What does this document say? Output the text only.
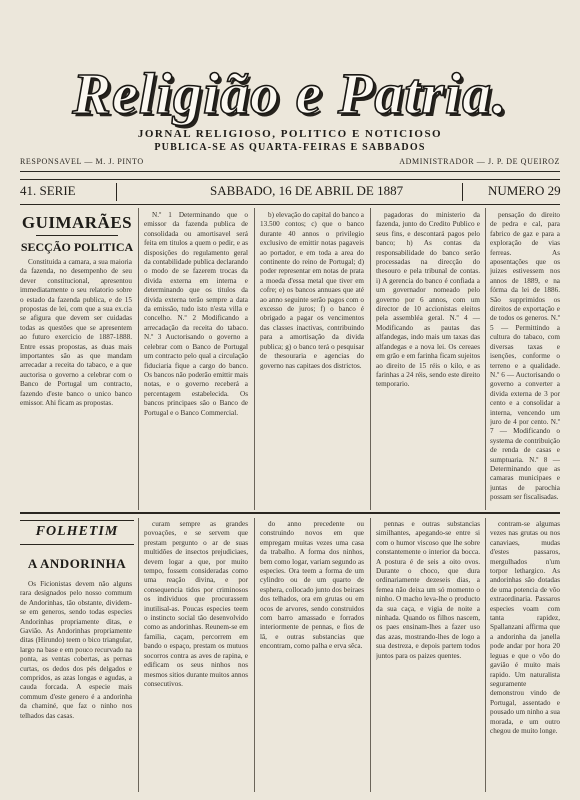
Religião e Patria.
JORNAL RELIGIOSO, POLITICO E NOTICIOSO
PUBLICA-SE AS QUARTA-FEIRAS E SABBADOS
RESPONSAVEL — M. J. PINTO	ADMINISTRADOR — J. P. DE QUEIROZ
41. SERIE	SABBADO, 16 DE ABRIL DE 1887	NUMERO 29
GUIMARÃES
SECÇÃO POLITICA

Constituida a camara, a sua maioria da fazenda, no desempenho de seu dever constitucional, apresentou immediatamente o seu relatorio sobre o estado da fazenda publica, e de 15 propostas de lei, com que a sua ex.cia se afigura que devem ser cuidadas todas as questões que se apresentem ao futuro exercicio de 1887-1888. Entre essas propostas, as duas mais importantes são as que mandam arrecadar a receita do tabaco, e a que auctorisa o governo a celebrar com o Banco de Portugal um contracto, fazendo d'este banco o unico banco emissor. Ahi ficam as propostas.

N.º 1 Determinando que o emissor da fazenda publica de consolidada ou amortisavel será feita em titulos a quem o pedir, e as disposições do regulamento geral da contabilidade publica declarando o modo de se fazerem trocas da divida externa em interna e determinando que os titulos da divida externa terão sempre a data da emissão, tudo isto n'esta villa e concelho. N.º 2 Modificando a arrecadação da receita do tabaco. N.º 3 Auctorisando o governo a celebrar com o Banco de Portugal um contracto pelo qual a circulação fiduciaria fique a cargo do banco. Os bancos não poderão emittir mais notas, e o governo receberá a percentagem estabelecida. Os bancos principaes são o Banco de Portugal e o Banco Commercial.

b) elevação do capital do banco a 13.500 contos; c) que o banco durante 40 annos o privilegio exclusivo de emittir notas pagaveis ao portador, e em toda a area do continente do reino de Portugal; d) poder representar em notas de prata a moeda d'essa metal que tiver em cofre; e) os bancos annuaes que até ao anno seguinte serão pagos com o excesso de juros; f) o banco é obrigado a pagar os vencimentos das classes inactivas, contribuindo para a amortisação da divida publica; g) o banco terá o pesquisar de thesouraria e agencias do governo nas capitaes dos districtos.

pagadoras do ministerio da fazenda, junto do Credito Publico e seus fins, e descontará pagos pelo banco; h) As contas da responsabilidade do banco serão processadas na direcção do thesouro e pela tribunal de contas. i) A gerencia do banco é confiada a um governador nomeado pelo governo por 6 annos, com um director de 10 accionistas eleitos pela assembléa geral. N.º 4 — Modificando as pautas das alfandegas, indo mais um taxas das alfandegas e a nova lei. Os cereaes em grão e em farinha ficam sujeitos ao direito de 15 réis o kilo, e as farinhas a 24 réis, sendo este direito temporario.

pensação do direito de pedra e cal, para fabrico de gaz e para a exploração de vias ferreas. As aposentações que os juizes estivessem nos annos de 1889, e na fórma da lei de 1886. São supprimidos os direitos de exportação e de todos os generos. N.º 5 — Permittindo a cultura do tabaco, com diversas taxas e isenções, conforme o terreno e a qualidade. N.º 6 — Auctorisando o governo a converter a divida externa de 3 por cento e a consolidar a interna, vencendo um juro de 4 por cento. N.º 7 — Modificando o systema de contribuição de renda de casas e sumptuaria. N.º 8 — Determinando que as camaras municipaes e juntas de parochia possam ser fiscalisadas.

FOLHETIM
A ANDORINHA

Os Ficionistas devem não alguns rara designados pelo nosso commum de Andorinhas, tão obstante, dividem-se em generos, sendo todas especies Andorinhas propriamente ditas, e Gavião. As Andorinhas propriamente ditas (Hirundo) teem o bico triangular, largo na base e em pouco recurvado na ponta, as ventas cobertas, as pernas curtas, os dedos dos pés delgados e compridos, as azas longas e agudas, a cauda forcada. A especie mais commum d'este genero é a andorinha da chaminé, que faz o ninho nos telhados das casas.

curam sempre as grandes povoações, e se servem que prestam pergunto o ar de suas multidões de insectos prejudiciaes, devem logar a que, por muito tempo, fossem consideradas como uma reação divina, e por consequencia tidos por criminosos os individuos que procurassem inutilisal-as. Poucas especies teem o instincto social tão desenvolvido como as andorinhas. Reunem-se em familia, caçam, percorrem em bando o espaço, prestam os mutuos socorros contra as aves de rapina, e edificam os seus ninhos nos mesmos sitios durante muitos annos consecutivos.

do anno precedente ou construindo novos em que empregam muitas vezes uma casa da trabalho. A forma dos ninhos, bem como logar, variam segundo as especies. Ora teem a forma de um cylindro ou de um quarto de esphera, collocado junto dos beiraes dos telhados, ora em grutas ou em ocos de arvores, sendo construidos com barro amassado e forrados interiormente de pennas, e fios de lã, e outras substancias que encontram, como palha e erva sêca.

pennas e outras substancias similhantes, apegando-se entre si com o humor viscoso que lhe sobre constantemente o interior da bocca. A postura é de seis a oito ovos. Durante o choco, que dura ordinariamente dezeseis dias, a femea não deixa um só momento o ninho. O macho leva-lhe o producto da sua caça, e vigia de noite a ninhada. Quando os filhos nascem, os paes ensinam-lhes a fazer uso das azas, mostrando-lhes de logo a sua destreza, e depois partem todos juntos para os paizes quentes.

contram-se algumas vezes nas grutas ou nos canaviaes, mudas d'estes passaros, mergulhados n'um torpor lethargico. As andorinhas são dotadas de uma potencia de vôo extraordinaria. Passaros especies voam com tanta rapidez, Spallanzani affirma que a andorinha da janella pode andar por hora 20 leguas e que o vôo do gavião é muito mais rapido. Um naturalista seguramente demonstrou vindo de Portugal, assentado e pousado um ninho a sua morada, e um outro chegou de muito longe.
